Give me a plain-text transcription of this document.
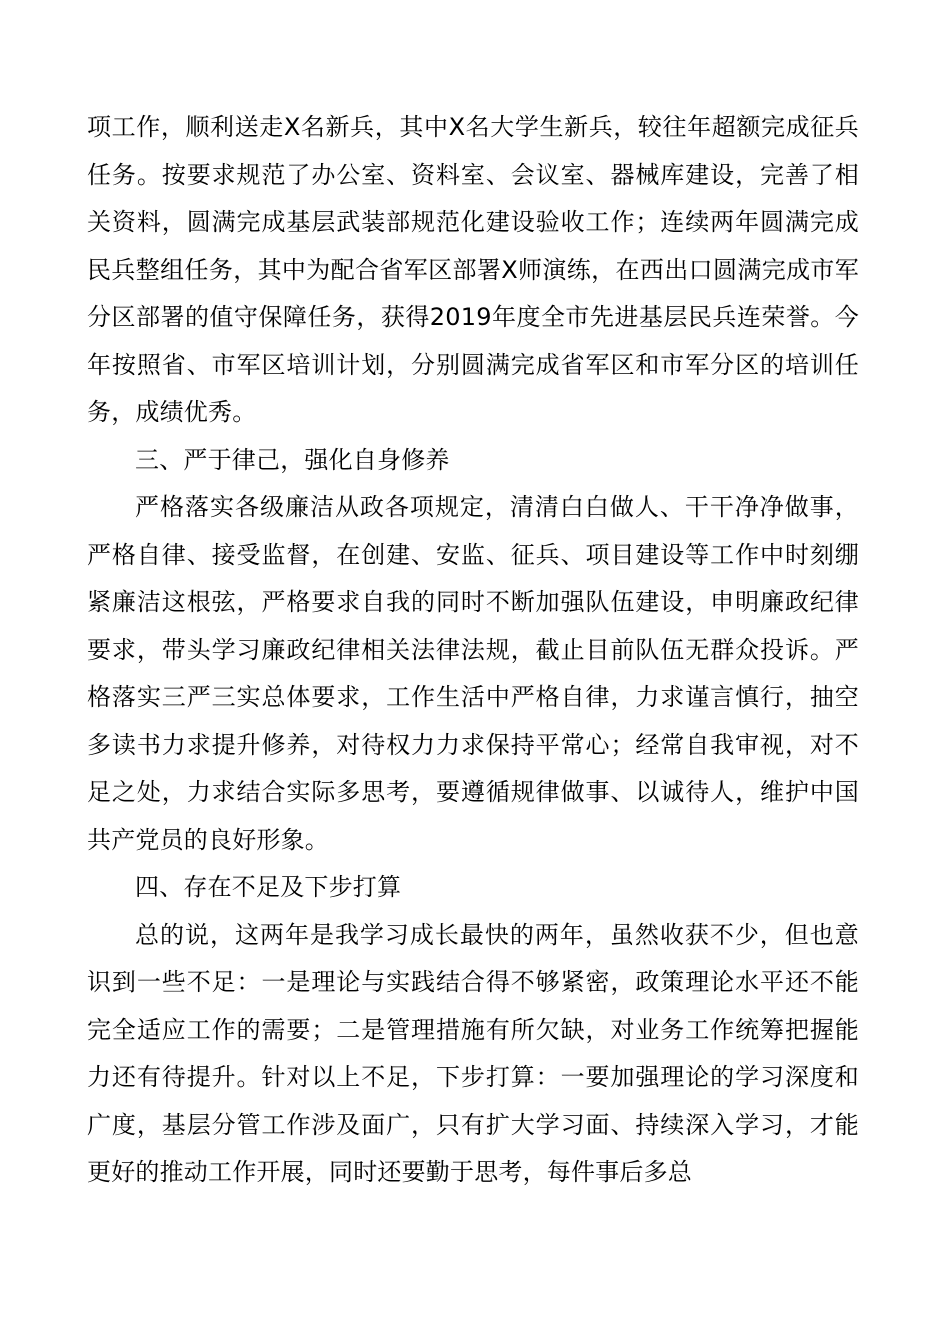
项工作，顺利送走X名新兵，其中X名大学生新兵，较往年超额完成征兵任务。按要求规范了办公室、资料室、会议室、器械库建设，完善了相关资料，圆满完成基层武装部规范化建设验收工作；连续两年圆满完成民兵整组任务，其中为配合省军区部署X师演练，在西出口圆满完成市军分区部署的值守保障任务，获得2019年度全市先进基层民兵连荣誉。今年按照省、市军区培训计划，分别圆满完成省军区和市军分区的培训任务，成绩优秀。

三、严于律己，强化自身修养

严格落实各级廉洁从政各项规定，清清白白做人、干干净净做事，严格自律、接受监督，在创建、安监、征兵、项目建设等工作中时刻绷紧廉洁这根弦，严格要求自我的同时不断加强队伍建设，申明廉政纪律要求，带头学习廉政纪律相关法律法规，截止目前队伍无群众投诉。严格落实三严三实总体要求，工作生活中严格自律，力求谨言慎行，抽空多读书力求提升修养，对待权力力求保持平常心；经常自我审视，对不足之处，力求结合实际多思考，要遵循规律做事、以诚待人，维护中国共产党员的良好形象。

四、存在不足及下步打算

总的说，这两年是我学习成长最快的两年，虽然收获不少，但也意识到一些不足：一是理论与实践结合得不够紧密，政策理论水平还不能完全适应工作的需要；二是管理措施有所欠缺，对业务工作统筹把握能力还有待提升。针对以上不足，下步打算：一要加强理论的学习深度和广度，基层分管工作涉及面广，只有扩大学习面、持续深入学习，才能更好的推动工作开展，同时还要勤于思考，每件事后多总
